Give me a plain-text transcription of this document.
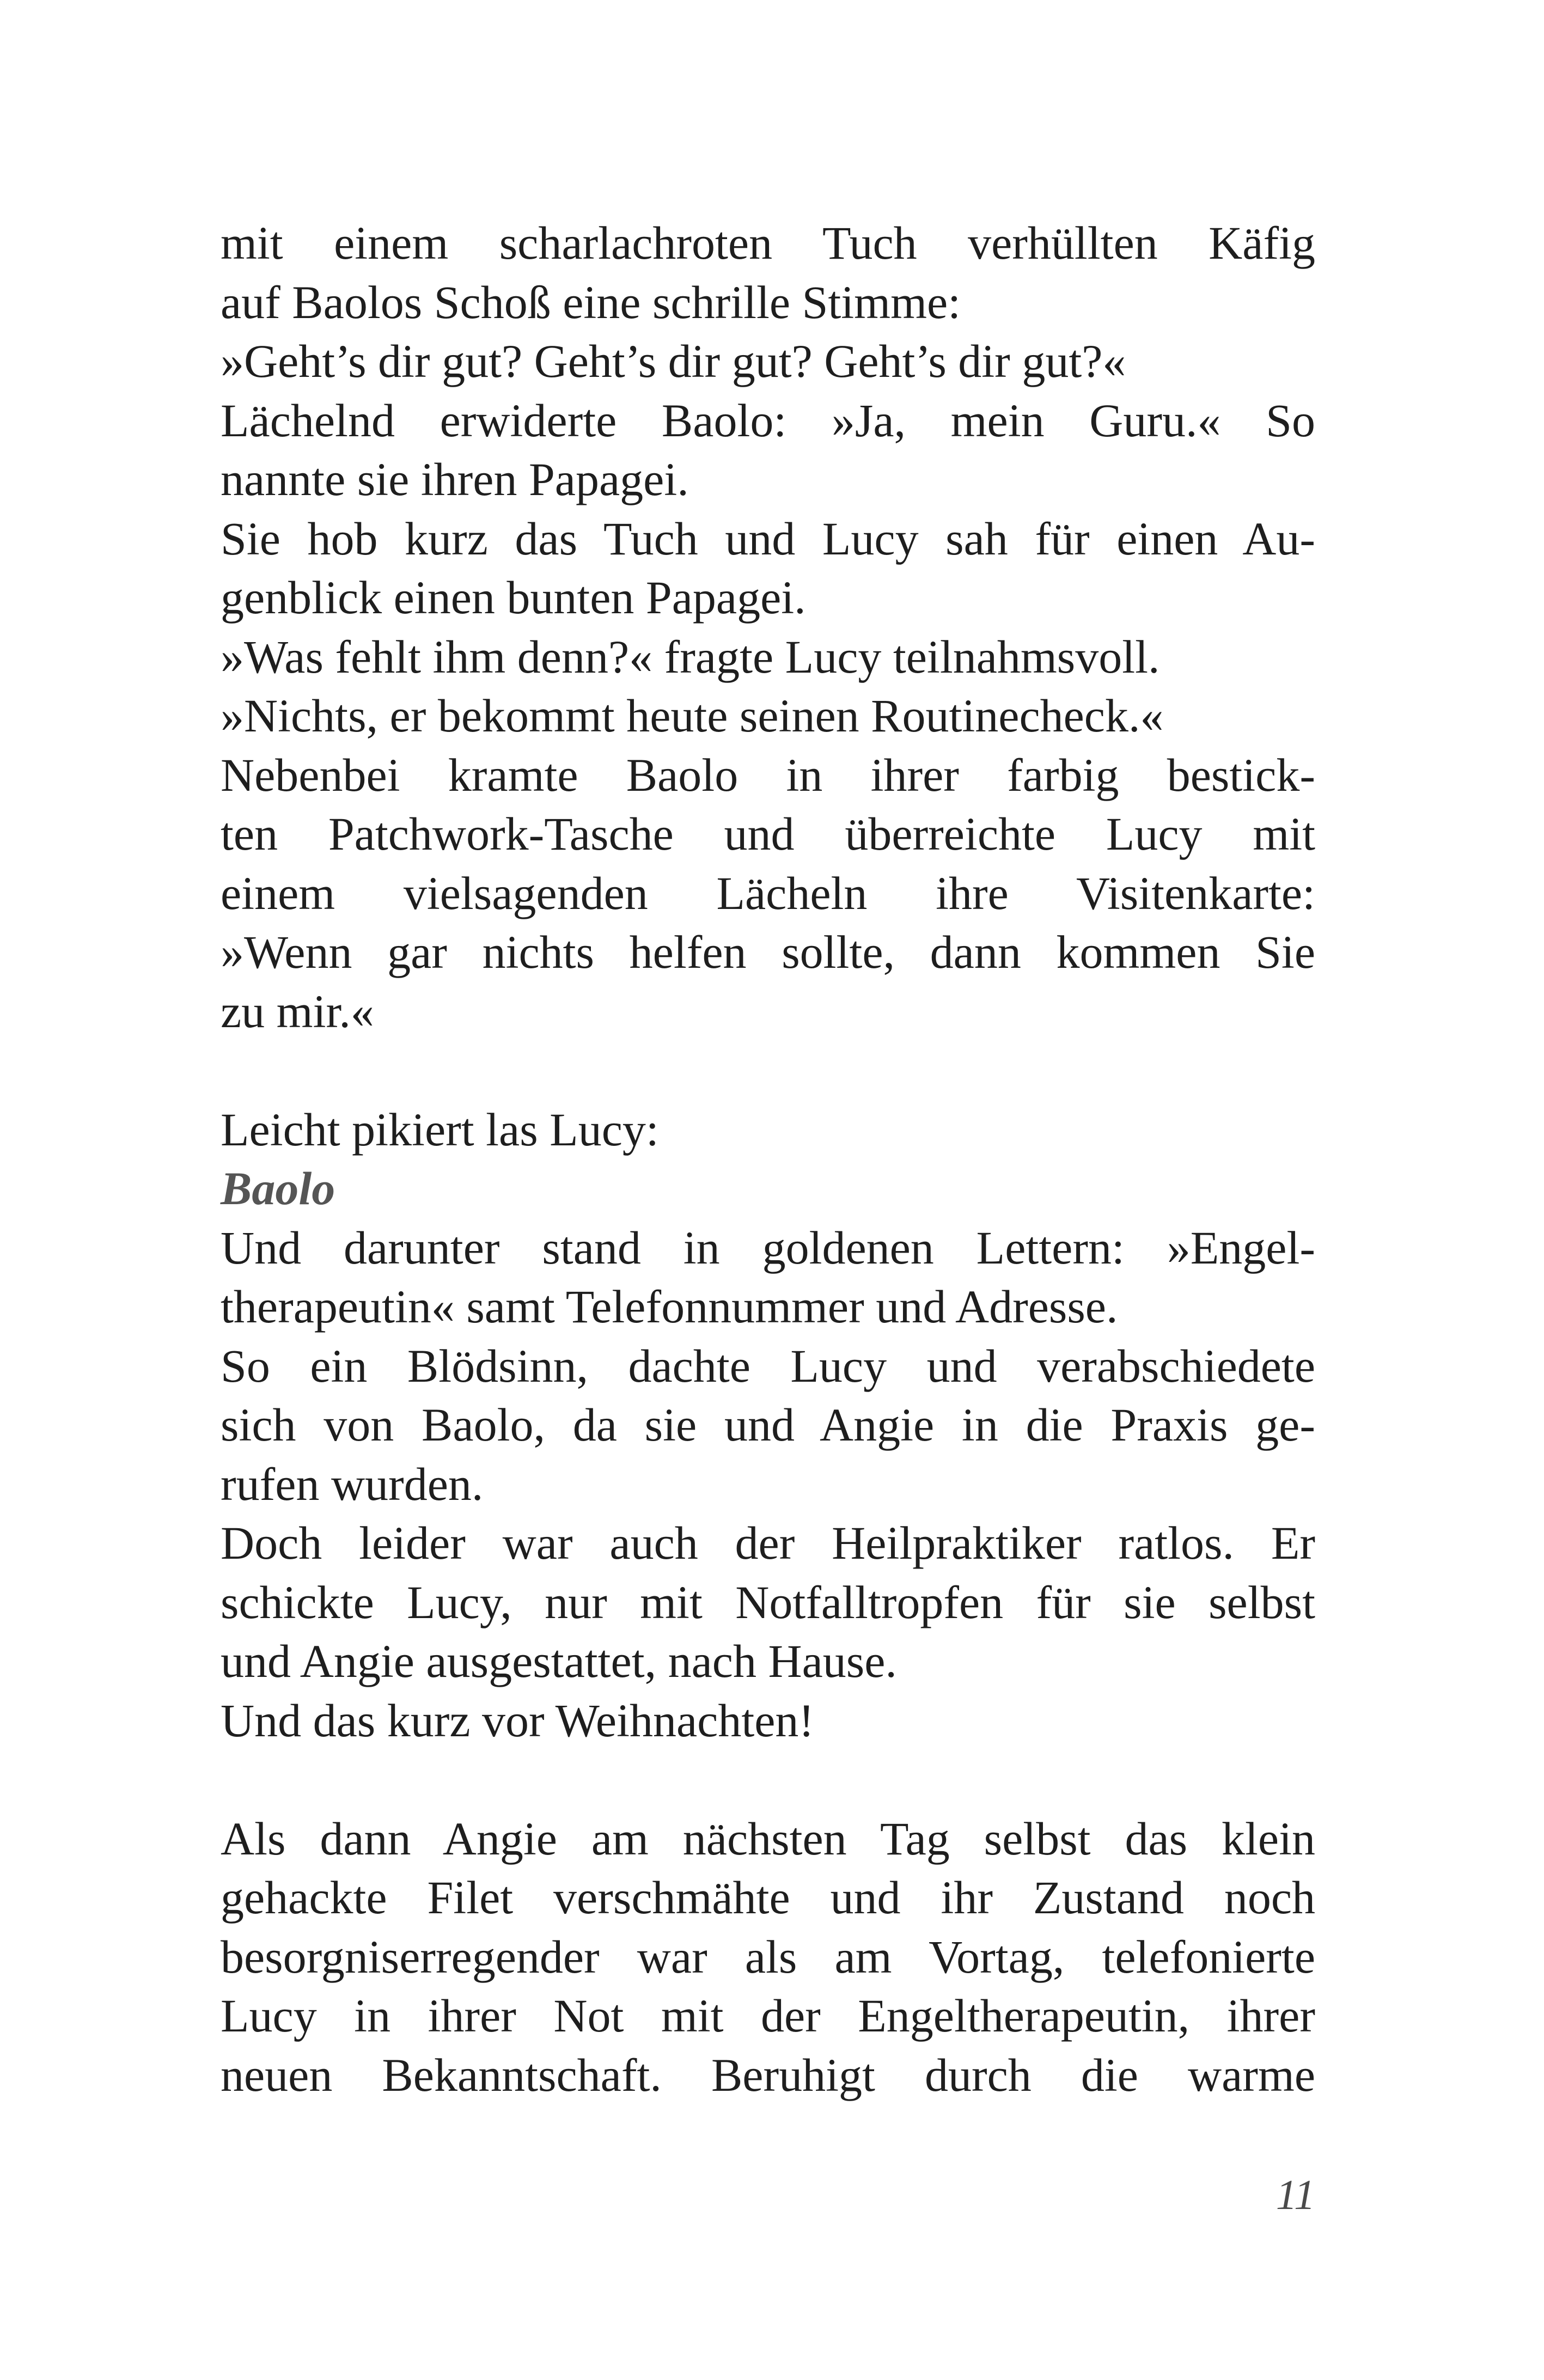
mit einem scharlachroten Tuch verhüllten Käfig
auf Baolos Schoß eine schrille Stimme:
»Geht’s dir gut? Geht’s dir gut? Geht’s dir gut?«
Lächelnd erwiderte Baolo: »Ja, mein Guru.« So
nannte sie ihren Papagei.
Sie hob kurz das Tuch und Lucy sah für einen Au-
genblick einen bunten Papagei.
»Was fehlt ihm denn?« fragte Lucy teilnahmsvoll.
»Nichts, er bekommt heute seinen Routinecheck.«
Nebenbei kramte Baolo in ihrer farbig bestick-
ten Patchwork-Tasche und überreichte Lucy mit
einem vielsagenden Lächeln ihre Visitenkarte:
»Wenn gar nichts helfen sollte, dann kommen Sie
zu mir.«
Leicht pikiert las Lucy:
Baolo
Und darunter stand in goldenen Lettern: »Engel-
therapeutin« samt Telefonnummer und Adresse.
So ein Blödsinn, dachte Lucy und verabschiedete
sich von Baolo, da sie und Angie in die Praxis ge-
rufen wurden.
Doch leider war auch der Heilpraktiker ratlos. Er
schickte Lucy, nur mit Notfalltropfen für sie selbst
und Angie ausgestattet, nach Hause.
Und das kurz vor Weihnachten!
Als dann Angie am nächsten Tag selbst das klein
gehackte Filet verschmähte und ihr Zustand noch
besorgniserregender war als am Vortag, telefonierte
Lucy in ihrer Not mit der Engeltherapeutin, ihrer
neuen Bekanntschaft. Beruhigt durch die warme
11
